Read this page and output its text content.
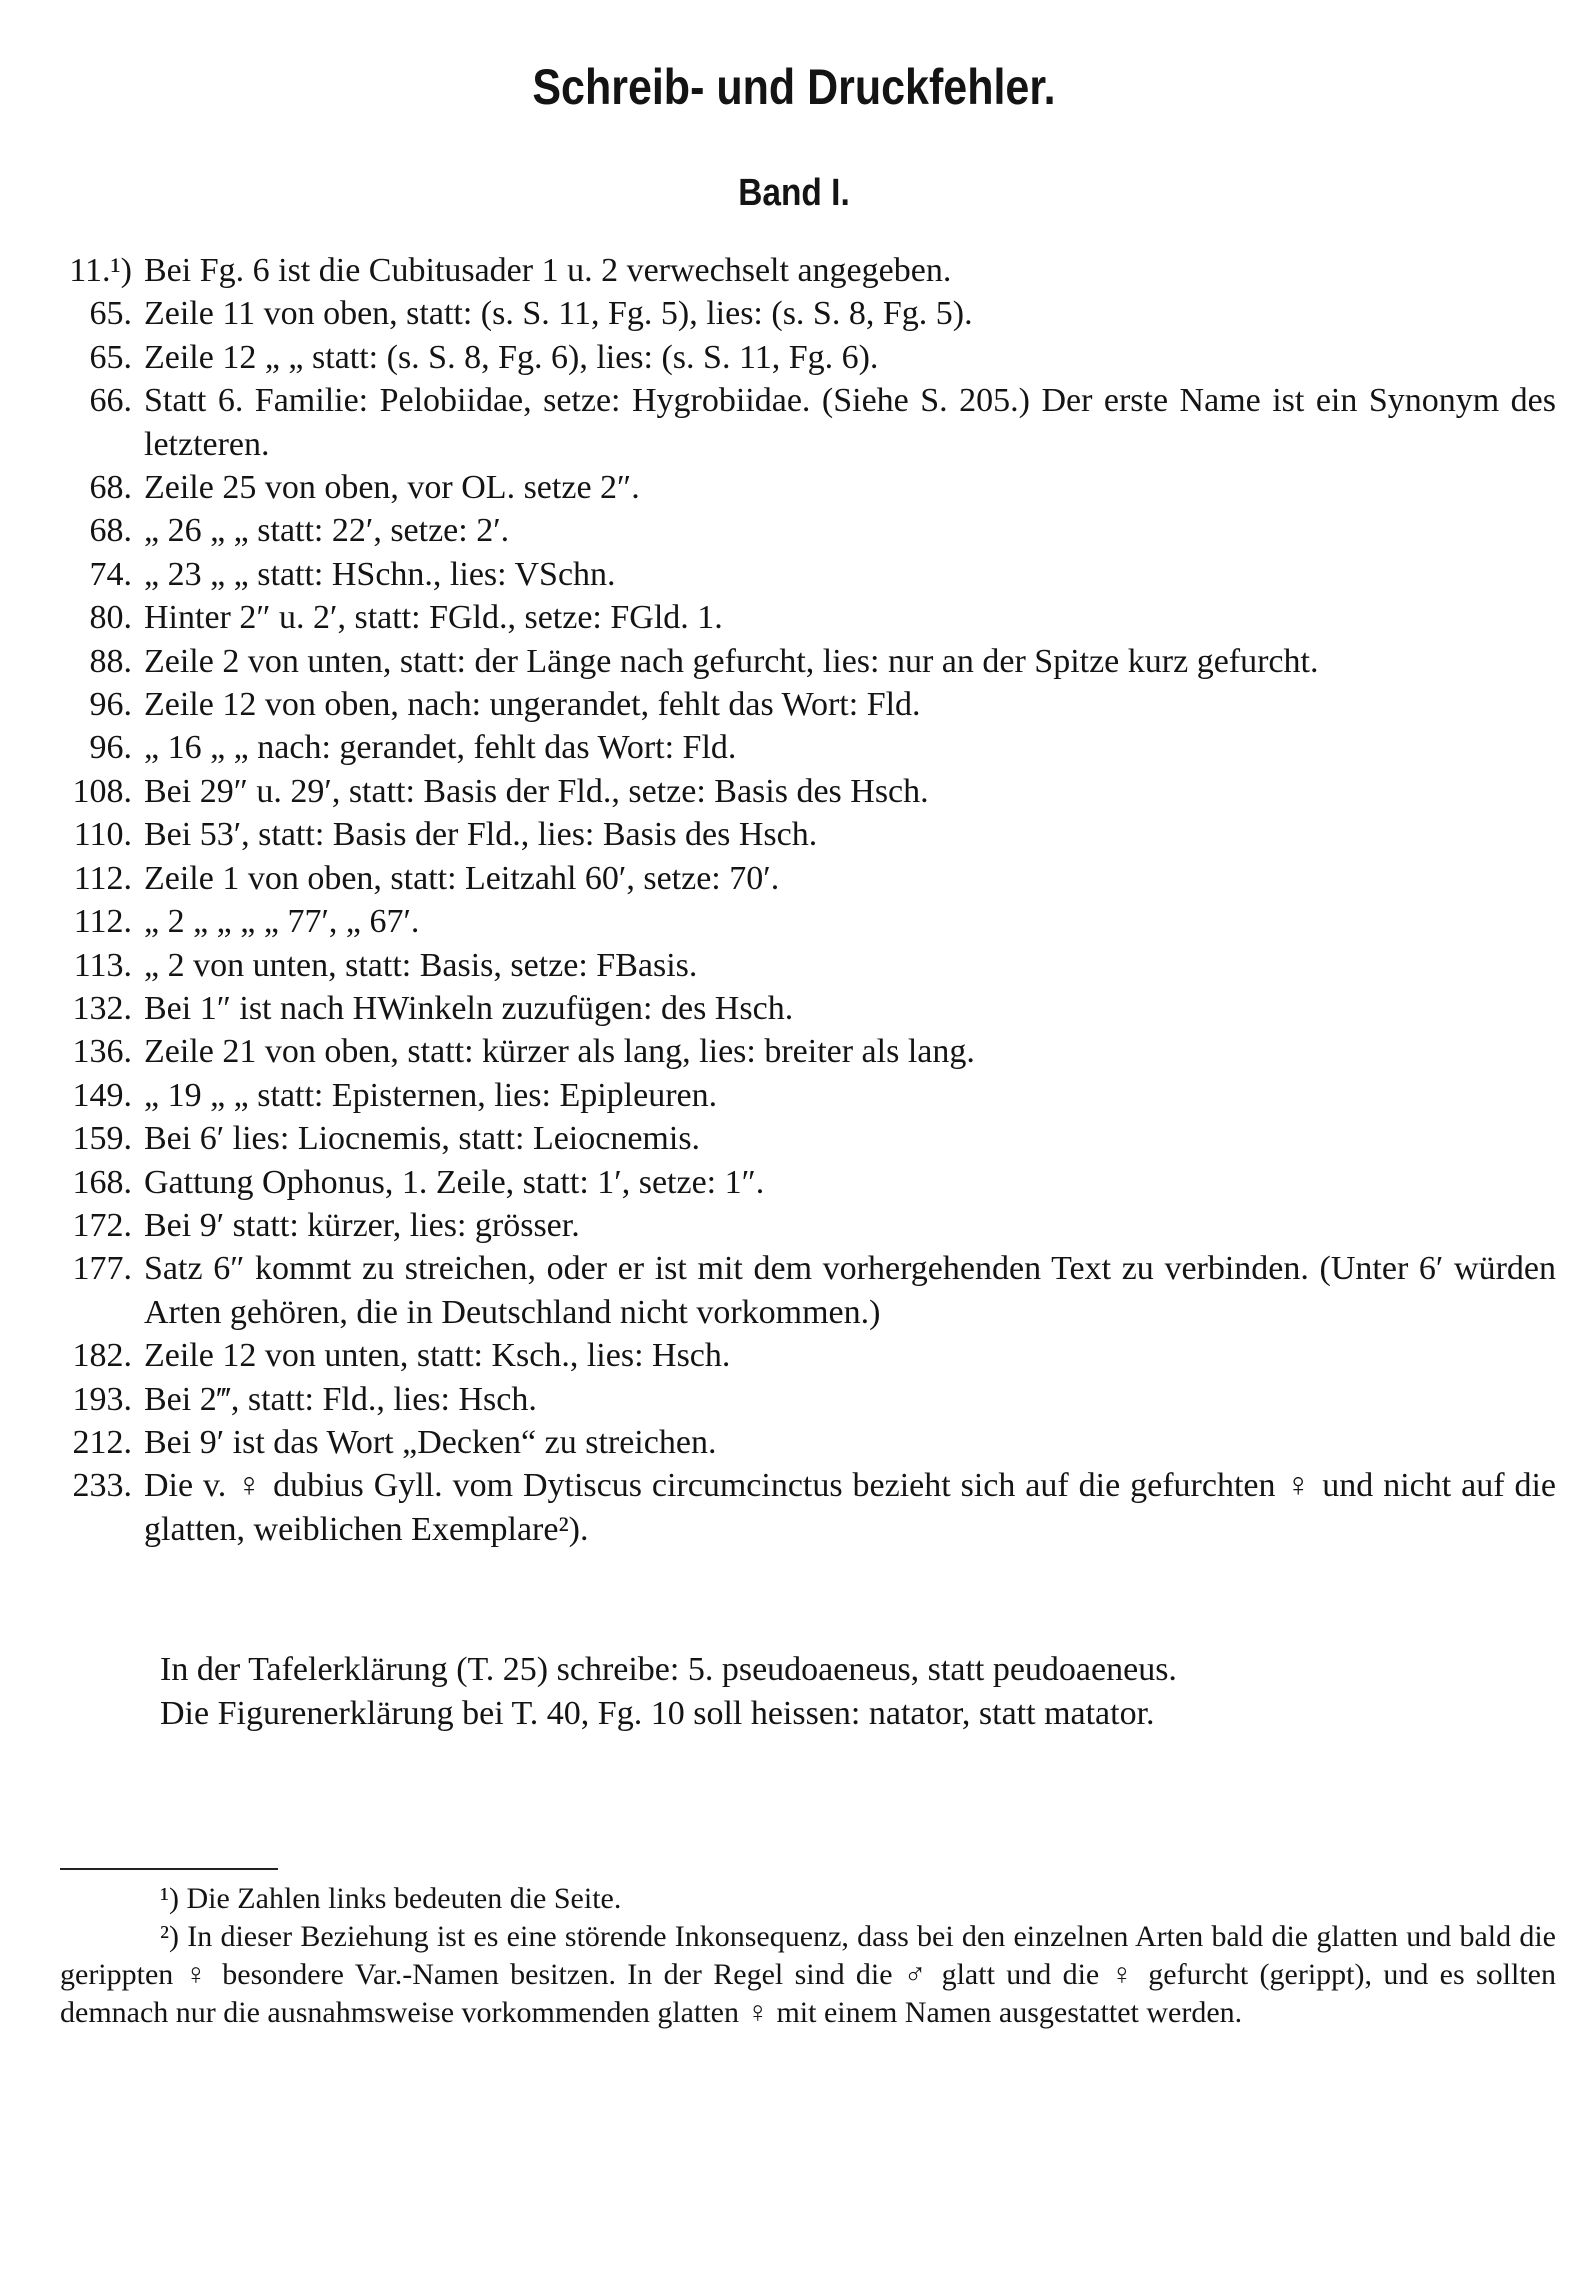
Schreib- und Druckfehler.
Band I.
11.¹) Bei Fg. 6 ist die Cubitusader 1 u. 2 verwechselt angegeben.
65. Zeile 11 von oben, statt: (s. S. 11, Fg. 5), lies: (s. S. 8, Fg. 5).
65. Zeile 12 „ „ statt: (s. S. 8, Fg. 6), lies: (s. S. 11, Fg. 6).
66. Statt 6. Familie: Pelobiidae, setze: Hygrobiidae. (Siehe S. 205.) Der erste Name ist ein Synonym des letzteren.
68. Zeile 25 von oben, vor OL. setze 2″.
68. „ 26 „ „ statt: 22′, setze: 2′.
74. „ 23 „ „ statt: HSchn., lies: VSchn.
80. Hinter 2″ u. 2′, statt: FGld., setze: FGld. 1.
88. Zeile 2 von unten, statt: der Länge nach gefurcht, lies: nur an der Spitze kurz gefurcht.
96. Zeile 12 von oben, nach: ungerandet, fehlt das Wort: Fld.
96. „ 16 „ „ nach: gerandet, fehlt das Wort: Fld.
108. Bei 29″ u. 29′, statt: Basis der Fld., setze: Basis des Hsch.
110. Bei 53′, statt: Basis der Fld., lies: Basis des Hsch.
112. Zeile 1 von oben, statt: Leitzahl 60′, setze: 70′.
112. „ 2 „ „ „ „ 77′, „ 67′.
113. „ 2 von unten, statt: Basis, setze: FBasis.
132. Bei 1″ ist nach HWinkeln zuzufügen: des Hsch.
136. Zeile 21 von oben, statt: kürzer als lang, lies: breiter als lang.
149. „ 19 „ „ statt: Episternen, lies: Epipleuren.
159. Bei 6′ lies: Liocnemis, statt: Leiocnemis.
168. Gattung Ophonus, 1. Zeile, statt: 1′, setze: 1″.
172. Bei 9′ statt: kürzer, lies: grösser.
177. Satz 6″ kommt zu streichen, oder er ist mit dem vorhergehenden Text zu verbinden. (Unter 6′ würden Arten gehören, die in Deutschland nicht vorkommen.)
182. Zeile 12 von unten, statt: Ksch., lies: Hsch.
193. Bei 2‴, statt: Fld., lies: Hsch.
212. Bei 9′ ist das Wort „Decken“ zu streichen.
233. Die v. ♀ dubius Gyll. vom Dytiscus circumcinctus bezieht sich auf die gefurchten ♀ und nicht auf die glatten, weiblichen Exemplare²).

In der Tafelerklärung (T. 25) schreibe: 5. pseudoaeneus, statt peudoaeneus.

Die Figurenerklärung bei T. 40, Fg. 10 soll heissen: natator, statt matator.

¹) Die Zahlen links bedeuten die Seite.

²) In dieser Beziehung ist es eine störende Inkonsequenz, dass bei den einzelnen Arten bald die glatten und bald die gerippten ♀ besondere Var.-Namen besitzen. In der Regel sind die ♂ glatt und die ♀ gefurcht (gerippt), und es sollten demnach nur die ausnahmsweise vorkommenden glatten ♀ mit einem Namen ausgestattet werden.
